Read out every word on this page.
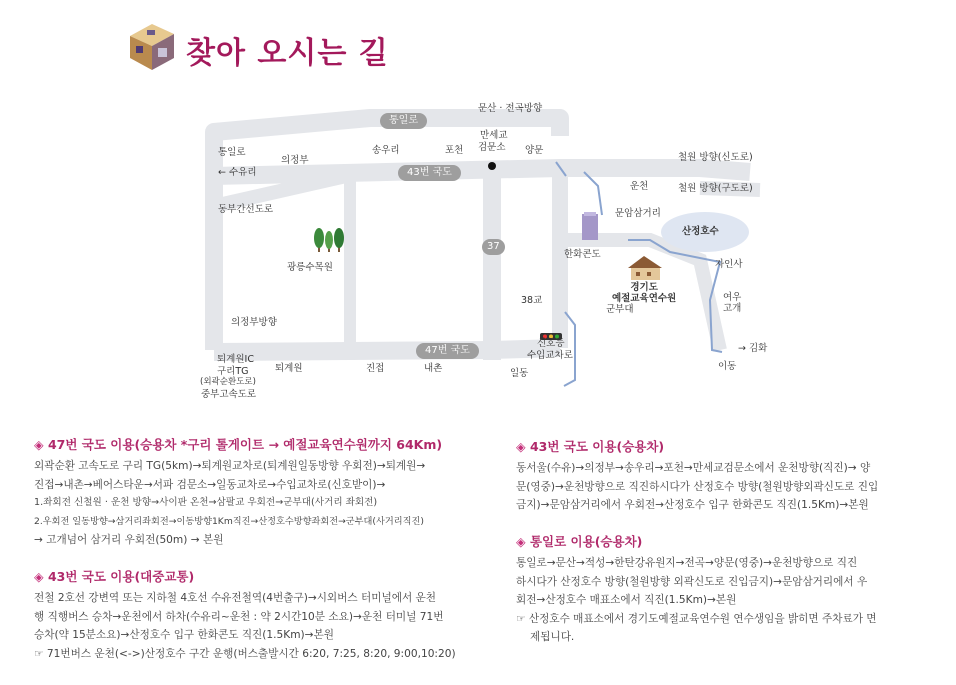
찾아 오시는 길
통일로
문산 · 전곡방향
만세교
검문소
송우리	포천	양문
통일로
의정부
← 수유리	43번 국도
동부간선도로
철원 방향(신도로)
운천	철원 방향(구도로)
문암삼거리
산정호수
37
광릉수목원
한화콘도
자인사
경기도
예절교육연수원
군부대
여우
고개
38교
의정부방향
신호등
수입교차로
47번 국도	→ 김화
퇴계원IC
구리TG
(외곽순환도로)
중부고속도로
퇴계원	진접	내촌	일동
이동
◈ 47번 국도 이용(승용차 *구리 톨게이트 → 예절교육연수원까지 64Km)
외곽순환 고속도로 구리 TG(5km)→퇴계원교차로(퇴계원일동방향 우회전)→퇴계원→
진접→내촌→베어스타운→서파 검문소→일동교차로→수입교차로(신호받이)→
1.좌회전 신철원 · 운천 방향→사이판 온천→삼팔교 우회전→군부대(사거리 좌회전)
2.우회전 일동방향→삼거리좌회전→이동방향1Km직진→산정호수방향좌회전→군부대(사거리직진)
→ 고개넘어 삼거리 우회전(50m) → 본원
◈ 43번 국도 이용(대중교통)
전철 2호선 강변역 또는 지하철 4호선 수유전철역(4번출구)→시외버스 터미널에서 운천
행 직행버스 승차→운천에서 하차(수유리~운천 : 약 2시간10분 소요)→운천 터미널 71번
승차(약 15분소요)→산정호수 입구 한화콘도 직진(1.5Km)→본원
☞ 71번버스 운천(<->)산정호수 구간 운행(버스출발시간 6:20, 7:25, 8:20, 9:00,10:20)
◈ 43번 국도 이용(승용차)
동서울(수유)→의정부→송우리→포천→만세교검문소에서 운천방향(직진)→ 양
문(영중)→운천방향으로 직진하시다가 산정호수 방향(철원방향외곽신도로 진입
금지)→문암삼거리에서 우회전→산정호수 입구 한화콘도 직진(1.5Km)→본원
◈ 통일로 이용(승용차)
통일로→문산→적성→한탄강유원지→전곡→양문(영중)→운천방향으로 직진
하시다가 산정호수 방향(철원방향 외곽신도로 진입금지)→문암삼거리에서 우
회전→산정호수 매표소에서 직진(1.5Km)→본원
☞ 산정호수 매표소에서 경기도예절교육연수원 연수생임을 밝히면 주차료가 면
제됩니다.
